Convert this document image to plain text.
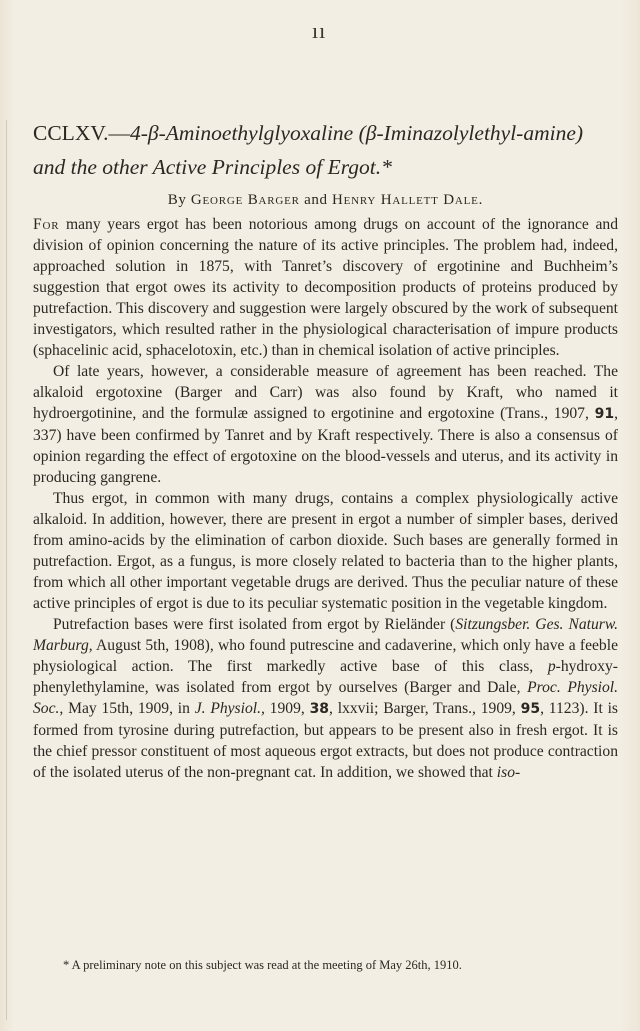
ıı
CCLXV.—4-β-Aminoethylglyoxaline (β-Iminazolylethyl-amine) and the other Active Principles of Ergot.*
By George Barger and Henry Hallett Dale.

For many years ergot has been notorious among drugs on account of the ignorance and division of opinion concerning the nature of its active principles. The problem had, indeed, approached solution in 1875, with Tanret’s discovery of ergotinine and Buchheim’s suggestion that ergot owes its activity to decomposition products of proteins produced by putrefaction. This discovery and suggestion were largely obscured by the work of subsequent investigators, which resulted rather in the physiological characterisation of impure products (sphacelinic acid, sphacelotoxin, etc.) than in chemical isolation of active principles.

Of late years, however, a considerable measure of agreement has been reached. The alkaloid ergotoxine (Barger and Carr) was also found by Kraft, who named it hydroergotinine, and the formulæ assigned to ergotinine and ergotoxine (Trans., 1907, 91, 337) have been confirmed by Tanret and by Kraft respectively. There is also a consensus of opinion regarding the effect of ergotoxine on the blood-vessels and uterus, and its activity in producing gangrene.

Thus ergot, in common with many drugs, contains a complex physiologically active alkaloid. In addition, however, there are present in ergot a number of simpler bases, derived from amino-acids by the elimination of carbon dioxide. Such bases are generally formed in putrefaction. Ergot, as a fungus, is more closely related to bacteria than to the higher plants, from which all other important vegetable drugs are derived. Thus the peculiar nature of these active principles of ergot is due to its peculiar systematic position in the vegetable kingdom.

Putrefaction bases were first isolated from ergot by Rieländer (Sitzungsber. Ges. Naturw. Marburg, August 5th, 1908), who found putrescine and cadaverine, which only have a feeble physiological action. The first markedly active base of this class, p-hydroxy-phenylethylamine, was isolated from ergot by ourselves (Barger and Dale, Proc. Physiol. Soc., May 15th, 1909, in J. Physiol., 1909, 38, lxxvii; Barger, Trans., 1909, 95, 1123). It is formed from tyrosine during putrefaction, but appears to be present also in fresh ergot. It is the chief pressor constituent of most aqueous ergot extracts, but does not produce contraction of the isolated uterus of the non-pregnant cat. In addition, we showed that iso-

* A preliminary note on this subject was read at the meeting of May 26th, 1910.
